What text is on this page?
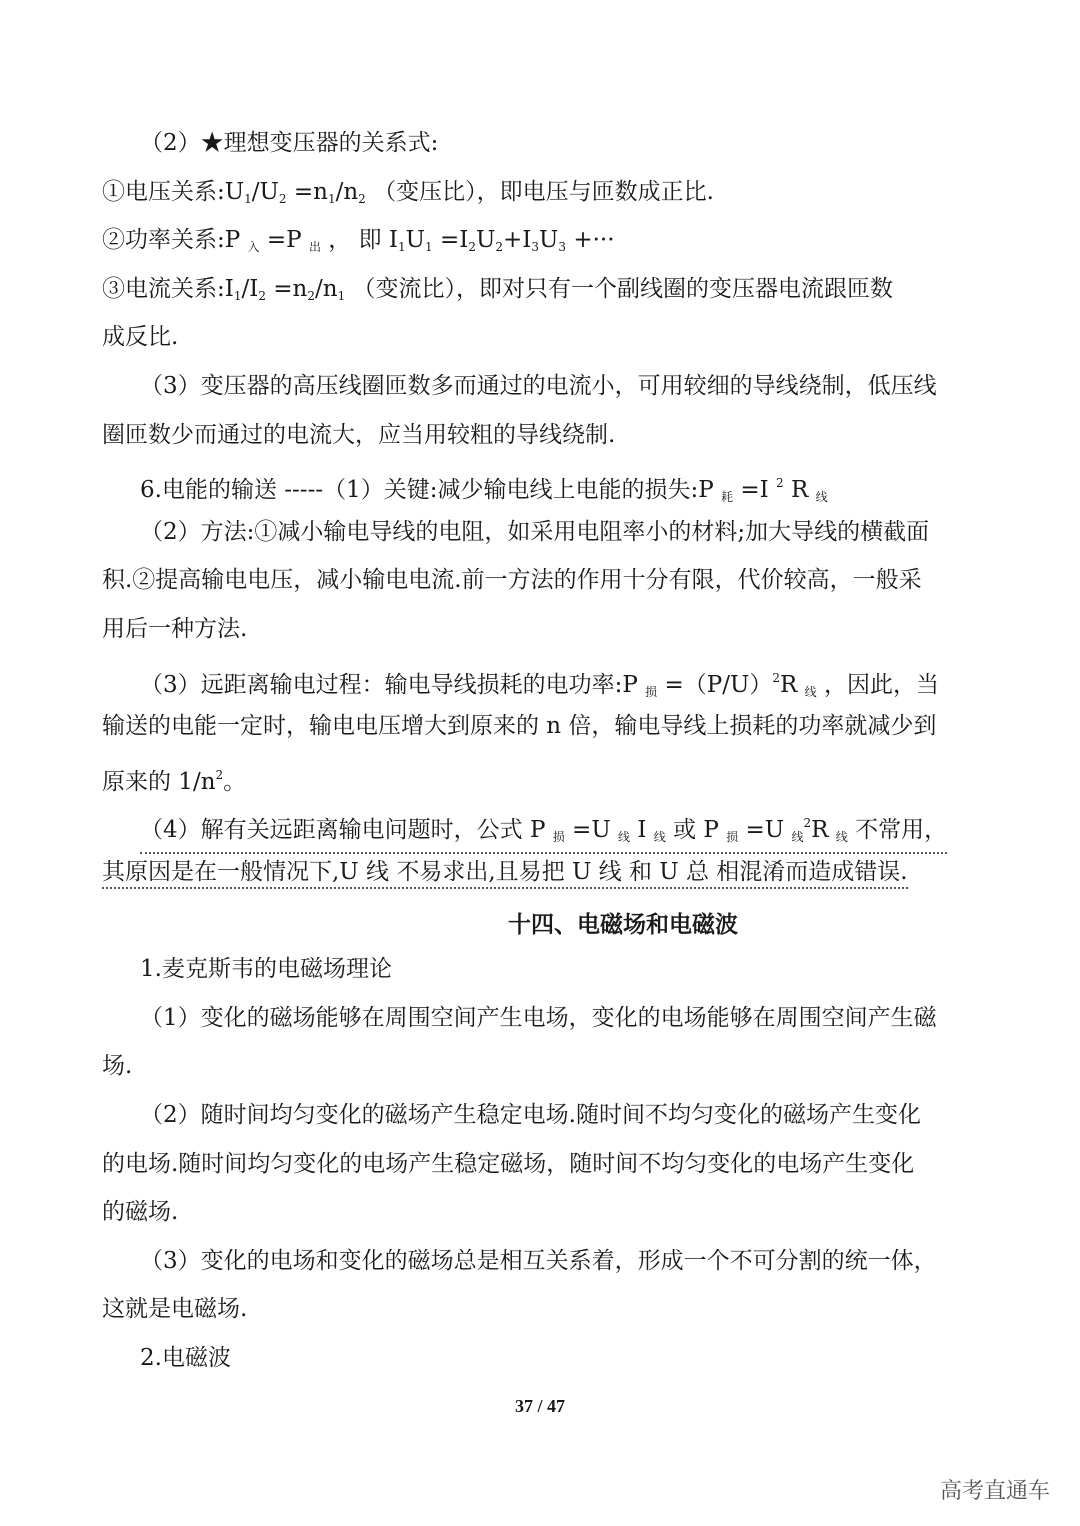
（2）★理想变压器的关系式:
①电压关系$:U_1/U_2 =n_1/n_2$ （变压比），即电压与匝数成正比.
②功率关系:P $_入$ =P $_出$ ， 即 $I_1U_1 =I_2U_2+I_3U_3$ +···
③电流关系$:I_1/I_2 =n_2/n_1$ （变流比），即对只有一个副线圈的变压器电流跟匝数
成反比.
（3）变压器的高压线圈匝数多而通过的电流小，可用较细的导线绕制，低压线
圈匝数少而通过的电流大，应当用较粗的导线绕制.
6.电能的输送 -----（1）关键:减少输电线上电能的损失:P $_耗$ =I $^2$ R $_线$
（2）方法:①减小输电导线的电阻，如采用电阻率小的材料;加大导线的横截面
积.②提高输电电压，减小输电电流.前一方法的作用十分有限，代价较高，一般采
用后一种方法.
（3）远距离输电过程：输电导线损耗的电功率:P $_损 =(P/U)^2R$ $_线$ ，因此，当
输送的电能一定时，输电电压增大到原来的 n 倍，输电导线上损耗的功率就减少到
原来的 $1/n^2$。
（4）解有关远距离输电问题时，公式 P $_损$ =U $_线$ I $_线$ 或 P $_损$ =U $_线^2$R $_线$ 不常用，
其原因是在一般情况下,U 线 不易求出,且易把 U 线 和 U 总 相混淆而造成错误.
十四、电磁场和电磁波
1.麦克斯韦的电磁场理论
（1）变化的磁场能够在周围空间产生电场，变化的电场能够在周围空间产生磁
场.
（2）随时间均匀变化的磁场产生稳定电场.随时间不均匀变化的磁场产生变化
的电场.随时间均匀变化的电场产生稳定磁场，随时间不均匀变化的电场产生变化
的磁场.
（3）变化的电场和变化的磁场总是相互关系着，形成一个不可分割的统一体，
这就是电磁场.
2.电磁波
37 / 47
高考直通车
